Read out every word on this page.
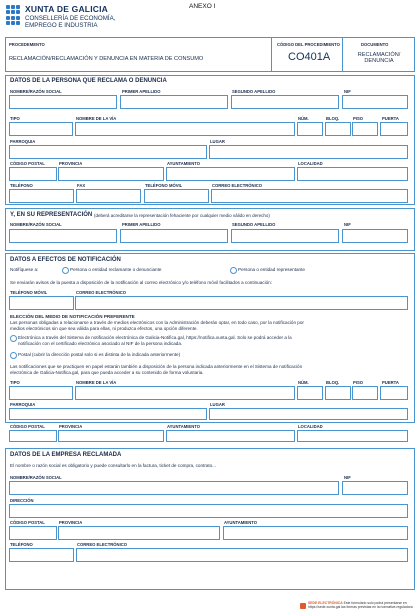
XUNTA DE GALICIA
CONSELLERÍA DE ECONOMÍA,
EMPREGO E INDUSTRIA
ANEXO I
PROCEDEMENTO
RECLAMACIÓN/RECLAMACIÓN Y DENUNCIA EN MATERIA DE CONSUMO
CÓDIGO DEL PROCEDIMIENTO
CO401A
DOCUMENTO
RECLAMACIÓN/
DENUNCIA
DATOS DE LA PERSONA QUE RECLAMA O DENUNCIA
NOMBRE/RAZÓN SOCIAL	PRIMER APELLIDO	SEGUNDO APELLIDO	NIF
TIPO	NOMBRE DE LA VÍA	NÚM.	BLOQ.	PISO	PUERTA
PARROQUIA	LUGAR
CÓDIGO POSTAL	PROVINCIA	AYUNTAMIENTO	LOCALIDAD
TELÉFONO	FAX	TELÉFONO MÓVIL	CORREO ELECTRÓNICO
Y, EN SU REPRESENTACIÓN (deberá acreditarse la representación fehaciente por cualquier medio válido en derecho)
NOMBRE/RAZÓN SOCIAL	PRIMER APELLIDO	SEGUNDO APELLIDO	NIF
DATOS A EFECTOS DE NOTIFICACIÓN
Notifíquese a:	Persona o entidad reclamante o denunciante	Persona o entidad representante
Se enviarán avisos de la puesta a disposición de la notificación al correo electrónico y/o teléfono móvil facilitados a continuación:
TELÉFONO MÓVIL	CORREO ELECTRÓNICO
ELECCIÓN DEL MEDIO DE NOTIFICACIÓN PREFERENTE
Las personas obligadas a relacionarse a través de medios electrónicos con la Administración deberán optar, en todo caso, por la notificación por
medios electrónicos sin que sea válida para ellas, ni produzca efectos, una opción diferente.
Electrónica a través del Sistema de notificación electrónica de Galicia-Notifica.gal, https://notifica.xunta.gal. Solo se podrá acceder a la
notificación con el certificado electrónico asociado al NIF de la persona indicada.
Postal (cubrir la dirección postal solo si es distinta de la indicada anteriormente)
Las notificaciones que se practiquen en papel estarán también a disposición de la persona indicada anteriormente en el Sistema de notificación
electrónica de Galicia-Notifica.gal, para que pueda acceder a su contenido de forma voluntaria.
TIPO	NOMBRE DE LA VÍA	NÚM.	BLOQ.	PISO	PUERTA
PARROQUIA	LUGAR
CÓDIGO POSTAL	PROVINCIA	AYUNTAMIENTO	LOCALIDAD
DATOS DE LA EMPRESA RECLAMADA
El nombre o razón social es obligatorio y puede consultarlo en la factura, ticket de compra, contrato...
NOMBRE/RAZÓN SOCIAL	NIF
DIRECCIÓN
CÓDIGO POSTAL	PROVINCIA	AYUNTAMIENTO
TELÉFONO	CORREO ELECTRÓNICO
SEDE ELECTRÓNICA Este formulario solo podrá presentarse en
https://sede.xunta.gal las formas previstas en la normativa reguladora
